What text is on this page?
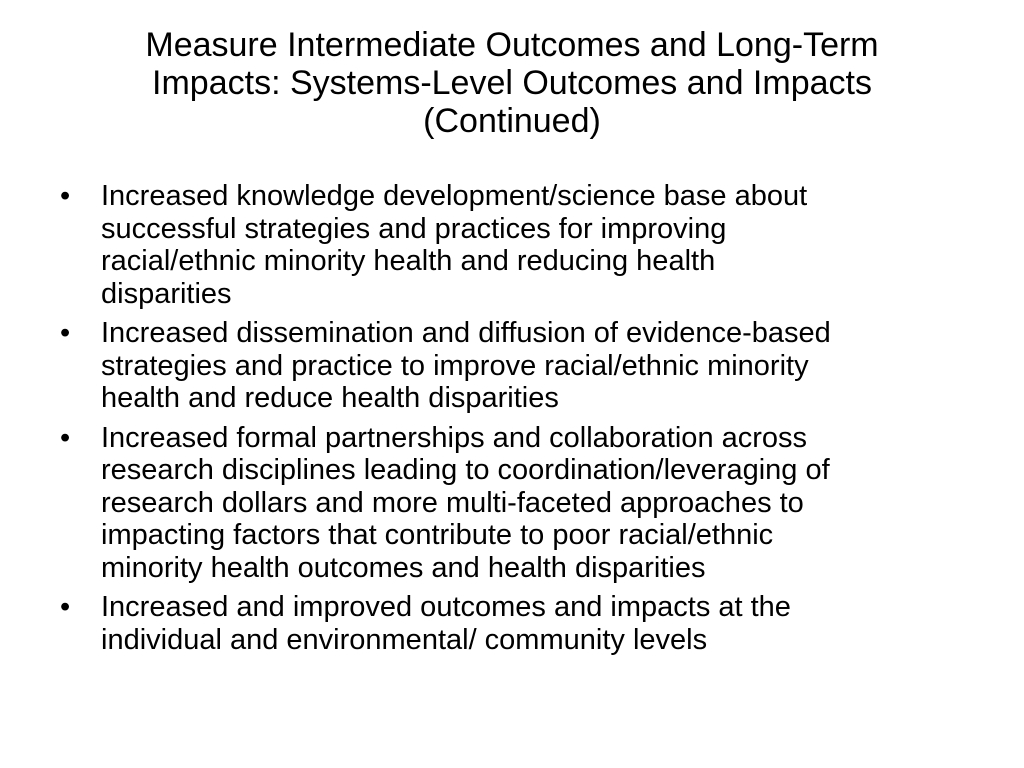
Measure Intermediate Outcomes and Long-Term
Impacts: Systems-Level Outcomes and Impacts
(Continued)
• Increased knowledge development/science base about
successful strategies and practices for improving
racial/ethnic minority health and reducing health
disparities
• Increased dissemination and diffusion of evidence-based
strategies and practice to improve racial/ethnic minority
health and reduce health disparities
• Increased formal partnerships and collaboration across
research disciplines leading to coordination/leveraging of
research dollars and more multi-faceted approaches to
impacting factors that contribute to poor racial/ethnic
minority health outcomes and health disparities
• Increased and improved outcomes and impacts at the
individual and environmental/ community levels
